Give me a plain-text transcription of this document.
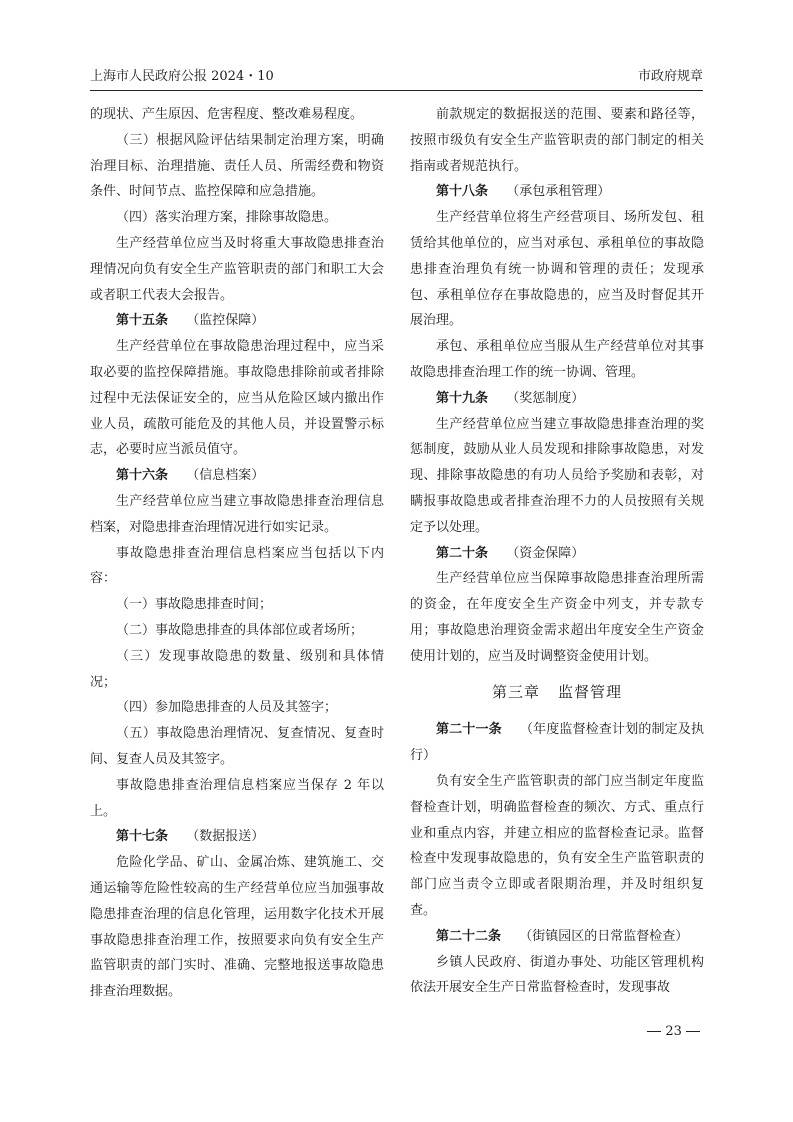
上海市人民政府公报 2024・10	市政府规章

的现状、产生原因、危害程度、整改难易程度。

（三）根据风险评估结果制定治理方案，明确治理目标、治理措施、责任人员、所需经费和物资条件、时间节点、监控保障和应急措施。

（四）落实治理方案，排除事故隐患。

生产经营单位应当及时将重大事故隐患排查治理情况向负有安全生产监管职责的部门和职工大会或者职工代表大会报告。

第十五条 （监控保障）

生产经营单位在事故隐患治理过程中，应当采取必要的监控保障措施。事故隐患排除前或者排除过程中无法保证安全的，应当从危险区域内撤出作业人员，疏散可能危及的其他人员，并设置警示标志，必要时应当派员值守。

第十六条 （信息档案）

生产经营单位应当建立事故隐患排查治理信息档案，对隐患排查治理情况进行如实记录。

事故隐患排查治理信息档案应当包括以下内容：

（一）事故隐患排查时间；

（二）事故隐患排查的具体部位或者场所；

（三）发现事故隐患的数量、级别和具体情况；

（四）参加隐患排查的人员及其签字；

（五）事故隐患治理情况、复查情况、复查时间、复查人员及其签字。

事故隐患排查治理信息档案应当保存 2 年以上。

第十七条 （数据报送）

危险化学品、矿山、金属冶炼、建筑施工、交通运输等危险性较高的生产经营单位应当加强事故隐患排查治理的信息化管理，运用数字化技术开展事故隐患排查治理工作，按照要求向负有安全生产监管职责的部门实时、准确、完整地报送事故隐患排查治理数据。

前款规定的数据报送的范围、要素和路径等，按照市级负有安全生产监管职责的部门制定的相关指南或者规范执行。

第十八条 （承包承租管理）

生产经营单位将生产经营项目、场所发包、租赁给其他单位的，应当对承包、承租单位的事故隐患排查治理负有统一协调和管理的责任；发现承包、承租单位存在事故隐患的，应当及时督促其开展治理。

承包、承租单位应当服从生产经营单位对其事故隐患排查治理工作的统一协调、管理。

第十九条 （奖惩制度）

生产经营单位应当建立事故隐患排查治理的奖惩制度，鼓励从业人员发现和排除事故隐患，对发现、排除事故隐患的有功人员给予奖励和表彰，对瞒报事故隐患或者排查治理不力的人员按照有关规定予以处理。

第二十条 （资金保障）

生产经营单位应当保障事故隐患排查治理所需的资金，在年度安全生产资金中列支，并专款专用；事故隐患治理资金需求超出年度安全生产资金使用计划的，应当及时调整资金使用计划。

第三章 监督管理

第二十一条 （年度监督检查计划的制定及执行）

负有安全生产监管职责的部门应当制定年度监督检查计划，明确监督检查的频次、方式、重点行业和重点内容，并建立相应的监督检查记录。监督检查中发现事故隐患的，负有安全生产监管职责的部门应当责令立即或者限期治理，并及时组织复查。

第二十二条 （街镇园区的日常监督检查）

乡镇人民政府、街道办事处、功能区管理机构依法开展安全生产日常监督检查时，发现事故

23
